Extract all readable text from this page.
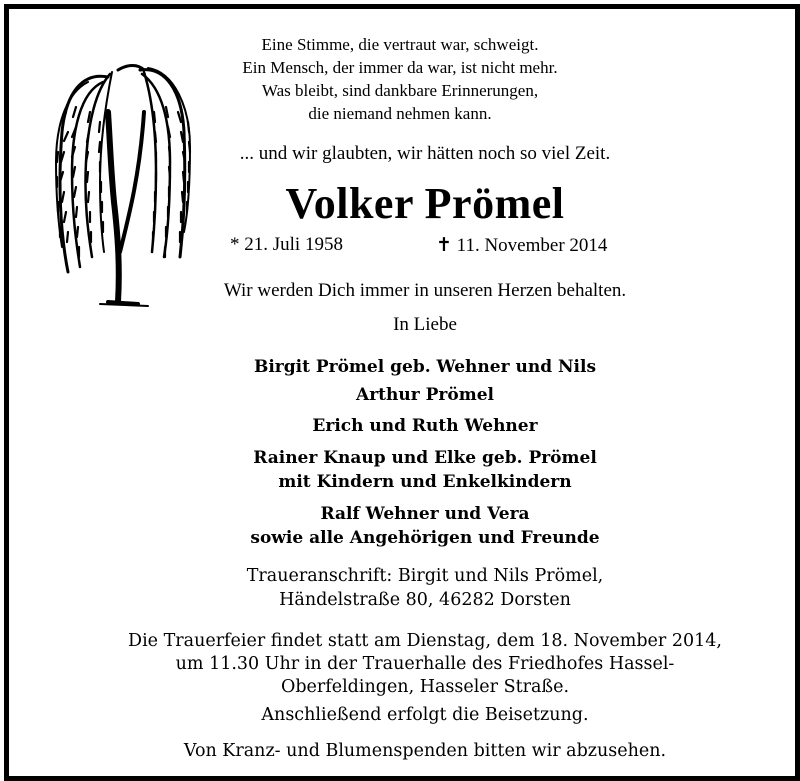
Eine Stimme, die vertraut war, schweigt.
Ein Mensch, der immer da war, ist nicht mehr.
Was bleibt, sind dankbare Erinnerungen,
die niemand nehmen kann.
... und wir glaubten, wir hätten noch so viel Zeit.
Volker Prömel
* 21. Juli 1958	✝ 11. November 2014
Wir werden Dich immer in unseren Herzen behalten.
In Liebe
Birgit Prömel geb. Wehner und Nils
Arthur Prömel
Erich und Ruth Wehner
Rainer Knaup und Elke geb. Prömel
mit Kindern und Enkelkindern
Ralf Wehner und Vera
sowie alle Angehörigen und Freunde
Traueranschrift: Birgit und Nils Prömel,
Händelstraße 80, 46282 Dorsten
Die Trauerfeier findet statt am Dienstag, dem 18. November 2014,
um 11.30 Uhr in der Trauerhalle des Friedhofes Hassel-
Oberfeldingen, Hasseler Straße.
Anschließend erfolgt die Beisetzung.
Von Kranz- und Blumenspenden bitten wir abzusehen.
